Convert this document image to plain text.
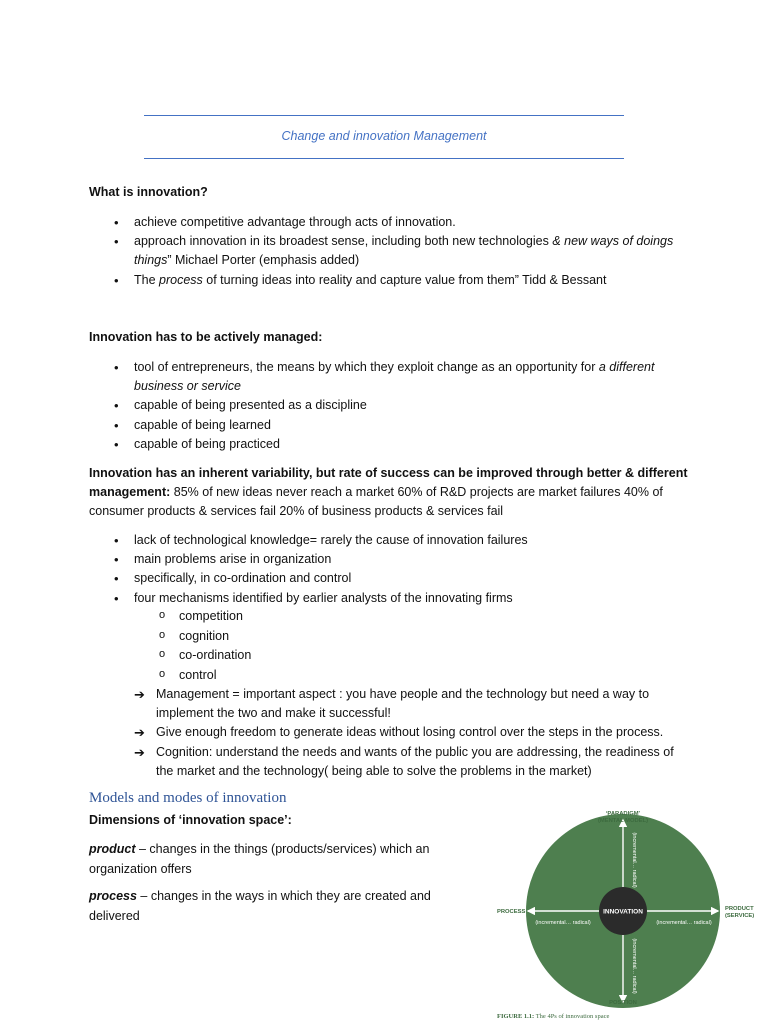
Change and innovation Management
What is innovation?
• achieve competitive advantage through acts of innovation.
• approach innovation in its broadest sense, including both new technologies & new ways of doings things” Michael Porter (emphasis added)
• The process of turning ideas into reality and capture value from them” Tidd & Bessant
Innovation has to be actively managed:
• tool of entrepreneurs, the means by which they exploit change as an opportunity for a different business or service
• capable of being presented as a discipline
• capable of being learned
• capable of being practiced
Innovation has an inherent variability, but rate of success can be improved through better & different management: 85% of new ideas never reach a market 60% of R&D projects are market failures 40% of consumer products & services fail 20% of business products & services fail
• lack of technological knowledge= rarely the cause of innovation failures
• main problems arise in organization
• specifically, in co-ordination and control
• four mechanisms identified by earlier analysts of the innovating firms
o competition
o cognition
o co-ordination
o control
➔ Management = important aspect : you have people and the technology but need a way to implement the two and make it successful!
➔ Give enough freedom to generate ideas without losing control over the steps in the process.
➔ Cognition: understand the needs and wants of the public you are addressing, the readiness of the market and the technology( being able to solve the problems in the market)
Models and modes of innovation
Dimensions of ‘innovation space’:
product – changes in the things (products/services) which an organization offers
process – changes in the ways in which they are created and delivered	INNOVATION
(incremental… radical)	(incremental… radical)
(incremental… radical)
(incremental… radical)
‘PARADIGM’
(MENTAL MODEL)
PROCESS	PRODUCT
(SERVICE)
POSITION
FIGURE 1.1: The 4Ps of innovation space
